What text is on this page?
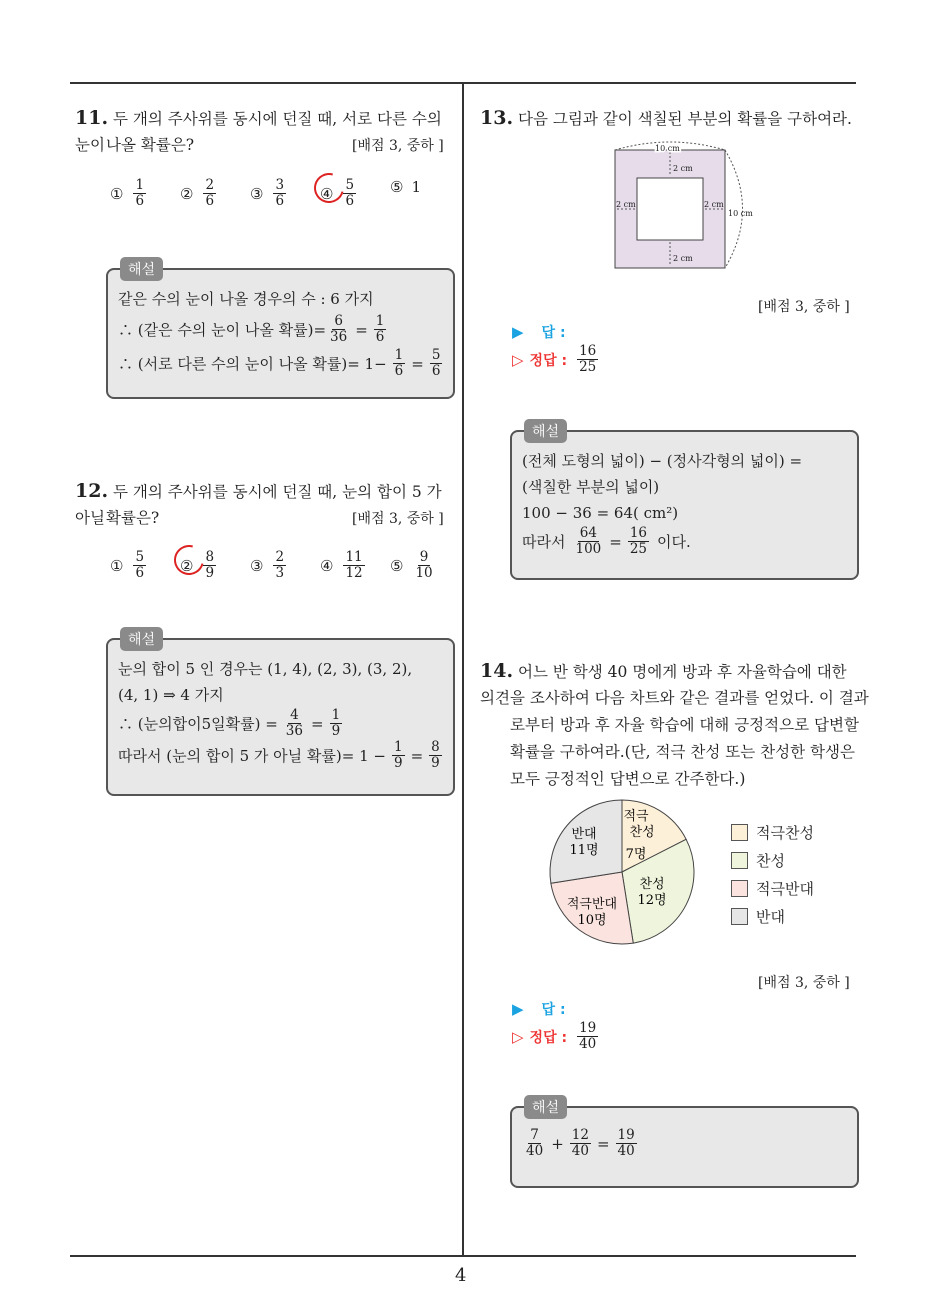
4
11. 두 개의 주사위를 동시에 던질 때, 서로 다른 수의 눈이 나올 확률은?	[배점 3, 중하 ]
① $\frac{1}{6}$ ② $\frac{2}{6}$ ③ $\frac{3}{6}$ ④ $\frac{5}{6}$ ⑤ 1
해설
같은 수의 눈이 나올 경우의 수 : 6 가지
∴ (같은 수의 눈이 나올 확률)= $\frac{6}{36} = \frac{1}{6}$
∴ (서로 다른 수의 눈이 나올 확률)= $1- \frac{1}{6} = \frac{5}{6}$
12. 두 개의 주사위를 동시에 던질 때, 눈의 합이 5 가 아닐 확률은?	[배점 3, 중하 ]
① $\frac{5}{6}$ ② $\frac{8}{9}$ ③ $\frac{2}{3}$ ④ $\frac{11}{12}$ ⑤ $\frac{9}{10}$
해설
눈의 합이 5 인 경우는 (1, 4), (2, 3), (3, 2),
(4, 1) ⇒ 4 가지
∴ (눈의합이5일확률) = $\frac{4}{36} = \frac{1}{9}$
따라서 (눈의 합이 5 가 아닐 확률)= $1 - \frac{1}{9} = \frac{8}{9}$
13. 다음 그림과 같이 색칠된 부분의 확률을 구하여라.
10 cm
10 cm
2 cm
2 cm
2 cm	2 cm
[배점 3, 중하 ]
▶ 답 :
▷ 정답 : $\frac{16}{25}$
해설
(전체 도형의 넓이) − (정사각형의 넓이) =
(색칠한 부분의 넓이)
100 − 36 = 64( cm²)
따라서 $\frac{64}{100} = \frac{16}{25}$ 이다.
14. 어느 반 학생 40 명에게 방과 후 자율학습에 대한 의견 을 조사하여 다음 차트와 같은 결과를 얻었다. 이 결과
로부터 방과 후 자율 학습에 대해 긍정적으로 답변할
확률을 구하여라.(단, 적극 찬성 또는 찬성한 학생은
모두 긍정적인 답변으로 간주한다.)
적극
찬성
7명
찬성
12명
적극반대
10명
반대
11명
적극찬성
찬성
적극반대
반대
[배점 3, 중하 ]
▶ 답 :
▷ 정답 : $\frac{19}{40}$
해설
$\frac{7}{40} + \frac{12}{40} = \frac{19}{40}$
